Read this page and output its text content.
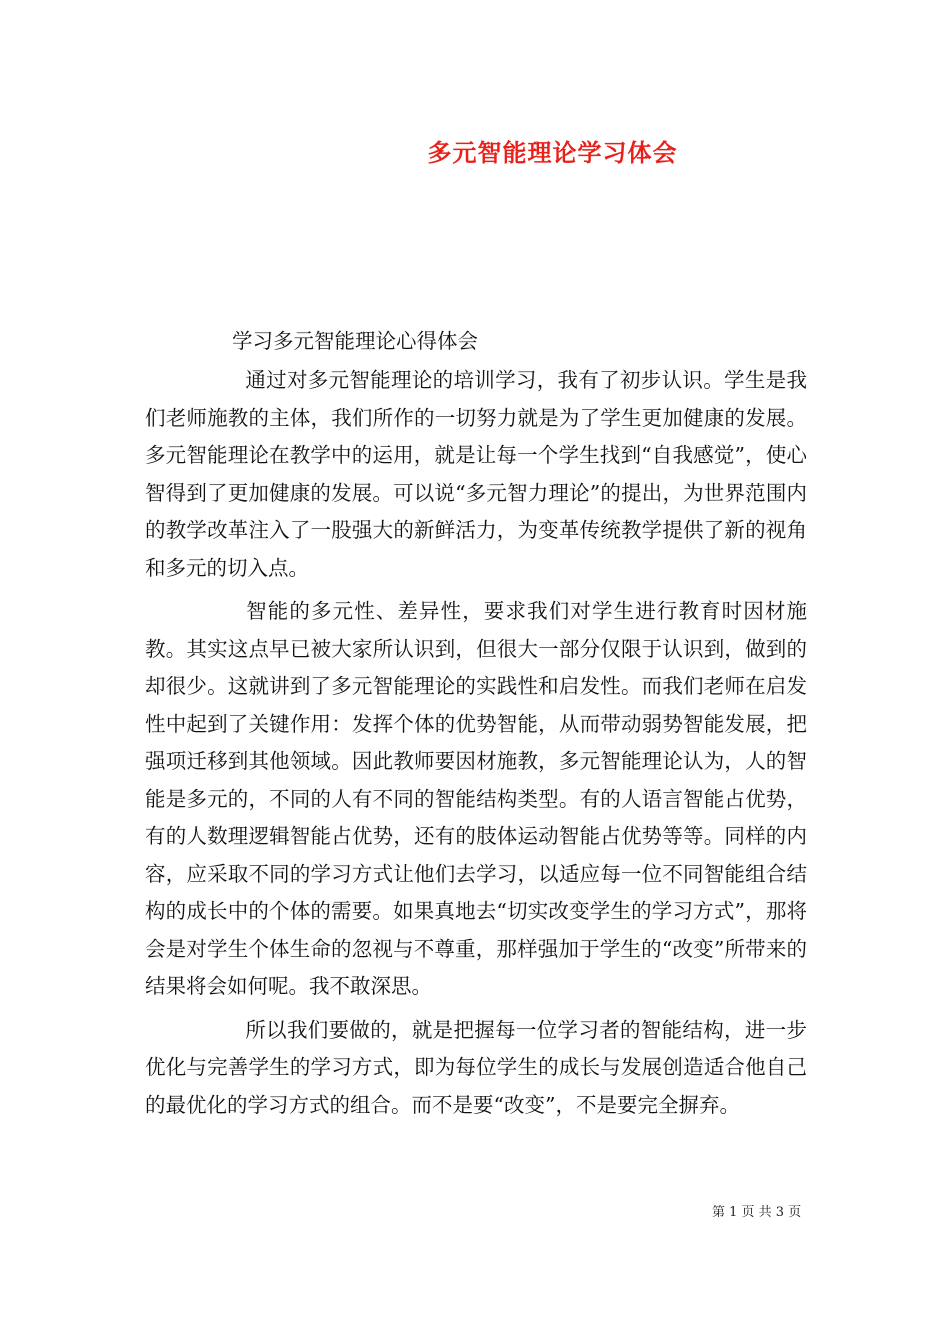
多元智能理论学习体会
学习多元智能理论心得体会

通过对多元智能理论的培训学习，我有了初步认识。学生是我们老师施教的主体，我们所作的一切努力就是为了学生更加健康的发展。多元智能理论在教学中的运用，就是让每一个学生找到“自我感觉”，使心智得到了更加健康的发展。可以说“多元智力理论”的提出，为世界范围内的教学改革注入了一股强大的新鲜活力，为变革传统教学提供了新的视角和多元的切入点。

智能的多元性、差异性，要求我们对学生进行教育时因材施教。其实这点早已被大家所认识到，但很大一部分仅限于认识到，做到的却很少。这就讲到了多元智能理论的实践性和启发性。而我们老师在启发性中起到了关键作用：发挥个体的优势智能，从而带动弱势智能发展，把强项迁移到其他领域。因此教师要因材施教，多元智能理论认为，人的智能是多元的，不同的人有不同的智能结构类型。有的人语言智能占优势，有的人数理逻辑智能占优势，还有的肢体运动智能占优势等等。同样的内容，应采取不同的学习方式让他们去学习，以适应每一位不同智能组合结构的成长中的个体的需要。如果真地去“切实改变学生的学习方式”，那将会是对学生个体生命的忽视与不尊重，那样强加于学生的“改变”所带来的结果将会如何呢。我不敢深思。

所以我们要做的，就是把握每一位学习者的智能结构，进一步优化与完善学生的学习方式，即为每位学生的成长与发展创造适合他自己的最优化的学习方式的组合。而不是要“改变”，不是要完全摒弃。

第 1 页 共 3 页
